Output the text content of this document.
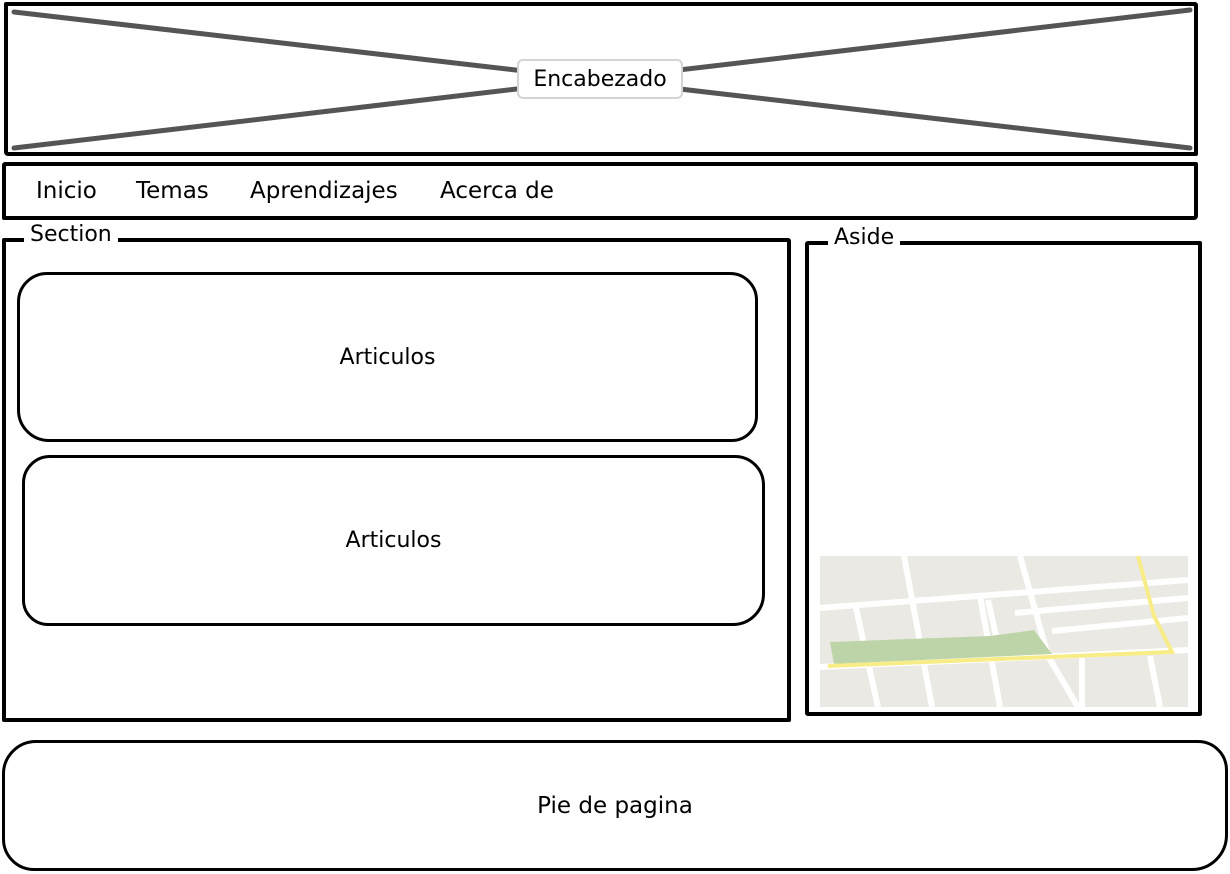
Encabezado
Inicio Temas Aprendizajes Acerca de
Section
Articulos
Articulos
Aside
Pie de pagina
